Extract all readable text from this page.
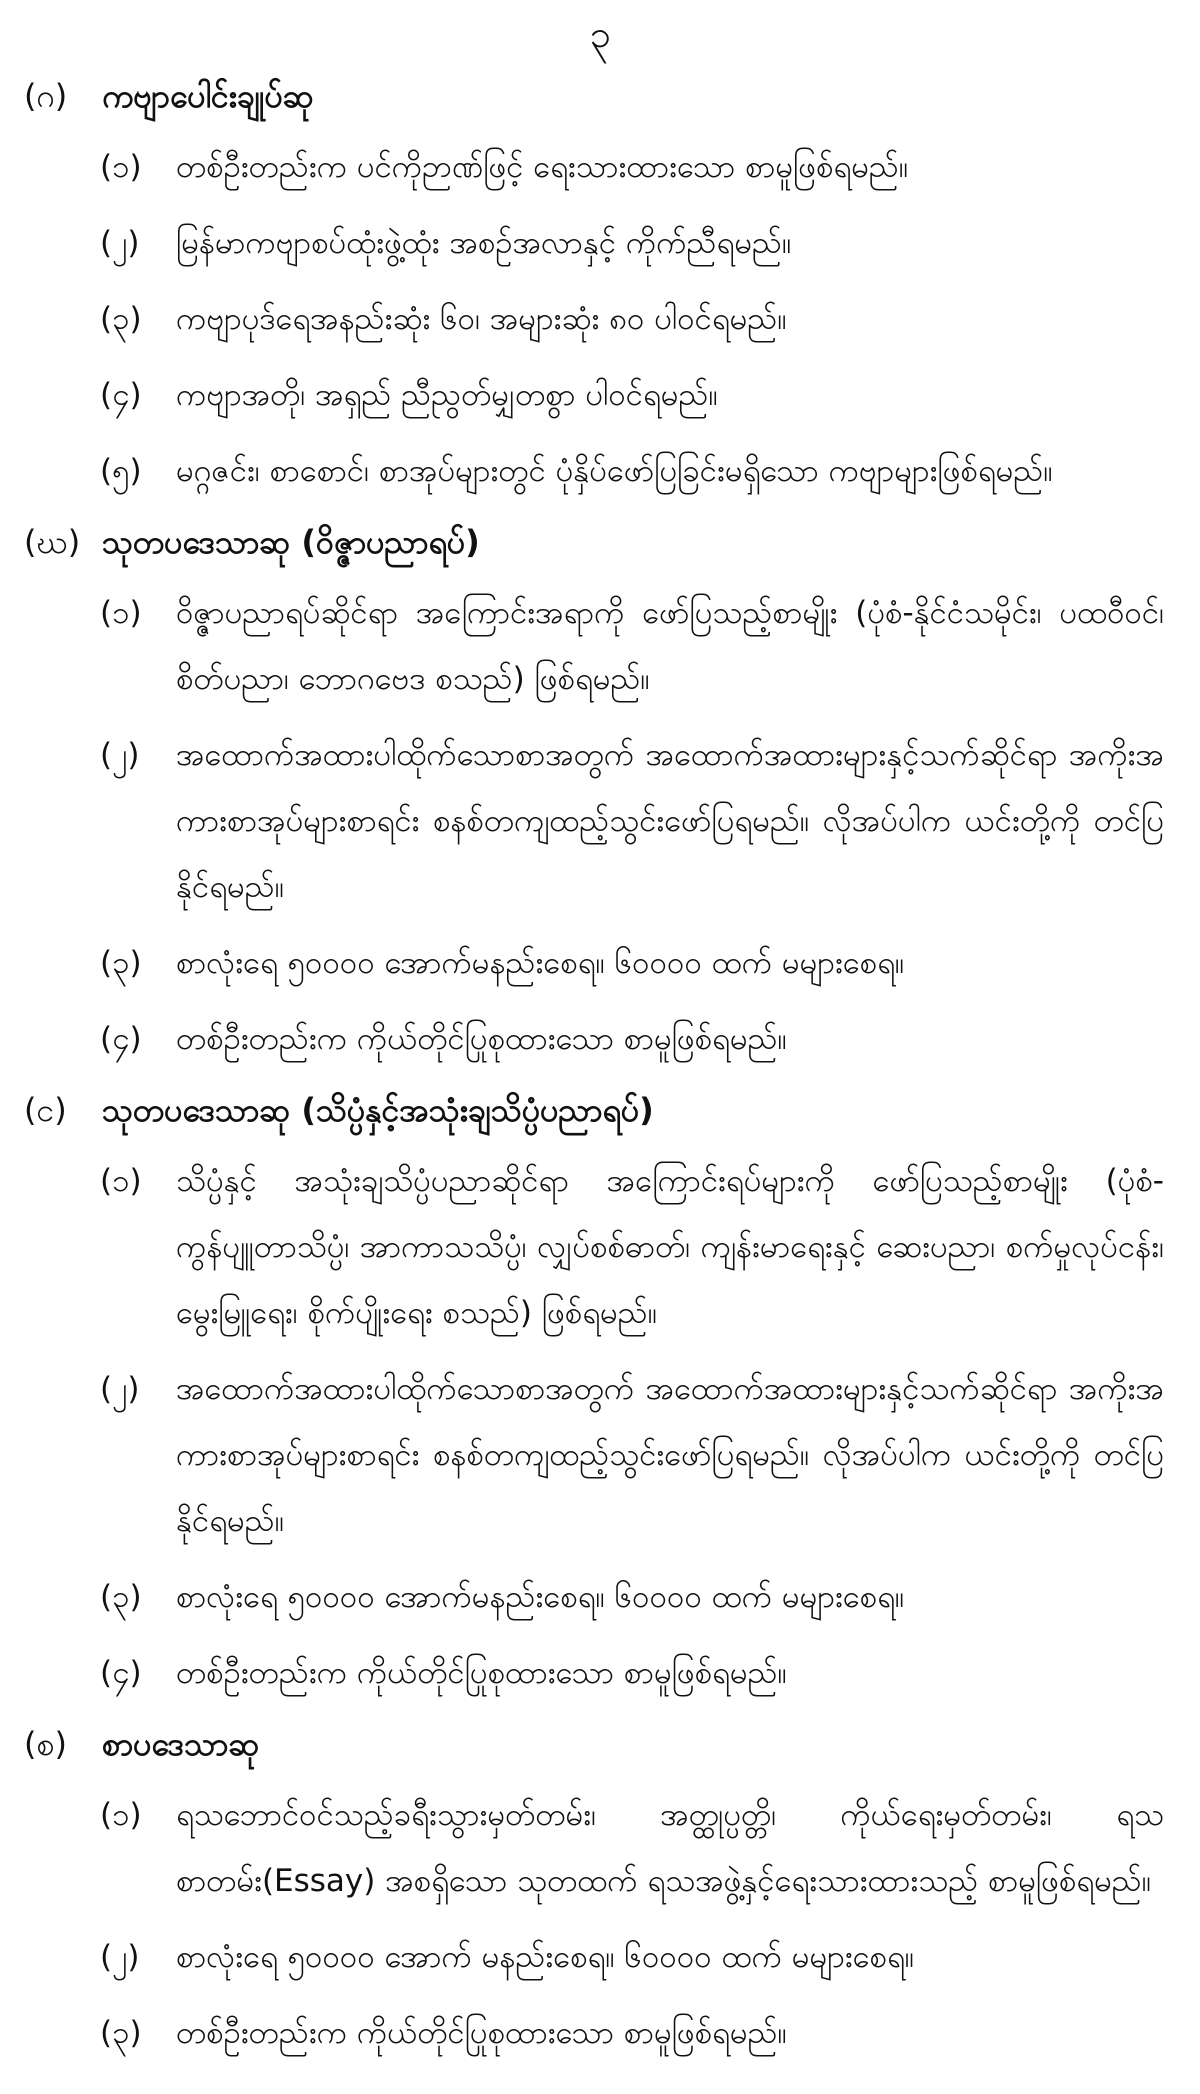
၃
(ဂ)	ကဗျာပေါင်းချုပ်ဆု
(၁)	တစ်ဦးတည်းက ပင်ကိုဉာဏ်ဖြင့် ရေးသားထားသော စာမူဖြစ်ရမည်။
(၂)	မြန်မာကဗျာစပ်ထုံးဖွဲ့ထုံး အစဉ်အလာနှင့် ကိုက်ညီရမည်။
(၃)	ကဗျာပုဒ်ရေအနည်းဆုံး ၆၀၊ အများဆုံး ၈၀ ပါဝင်ရမည်။
(၄)	ကဗျာအတို၊ အရှည် ညီညွတ်မျှတစွာ ပါဝင်ရမည်။
(၅)	မဂ္ဂဇင်း၊ စာစောင်၊ စာအုပ်များတွင် ပုံနှိပ်ဖော်ပြခြင်းမရှိသော ကဗျာများဖြစ်ရမည်။
(ဃ) သုတပဒေသာဆု (ဝိဇ္ဇာပညာရပ်)
(၁)	ဝိဇ္ဇာပညာရပ်ဆိုင်ရာ အကြောင်းအရာကို ဖော်ပြသည့်စာမျိုး (ပုံစံ-နိုင်ငံသမိုင်း၊ ပထဝီဝင်၊ စိတ်ပညာ၊ ဘောဂဗေဒ စသည်) ဖြစ်ရမည်။
(၂)	အထောက်အထားပါထိုက်သောစာအတွက် အထောက်အထားများနှင့်သက်ဆိုင်ရာ အကိုးအကားစာအုပ်များစာရင်း စနစ်တကျထည့်သွင်းဖော်ပြရမည်။ လိုအပ်ပါက ယင်းတို့ကို တင်ပြနိုင်ရမည်။
(၃)	စာလုံးရေ ၅၀၀၀၀ အောက်မနည်းစေရ။ ၆၀၀၀၀ ထက် မများစေရ။
(၄)	တစ်ဦးတည်းက ကိုယ်တိုင်ပြုစုထားသော စာမူဖြစ်ရမည်။
(င)	သုတပဒေသာဆု (သိပ္ပံနှင့်အသုံးချသိပ္ပံပညာရပ်)
(၁)	သိပ္ပံနှင့် အသုံးချသိပ္ပံပညာဆိုင်ရာ အကြောင်းရပ်များကို ဖော်ပြသည့်စာမျိုး (ပုံစံ- ကွန်ပျူတာသိပ္ပံ၊ အာကာသသိပ္ပံ၊ လျှပ်စစ်ဓာတ်၊ ကျန်းမာရေးနှင့် ဆေးပညာ၊ စက်မှုလုပ်ငန်း၊ မွေးမြူရေး၊ စိုက်ပျိုးရေး စသည်) ဖြစ်ရမည်။
(၂)	အထောက်အထားပါထိုက်သောစာအတွက် အထောက်အထားများနှင့်သက်ဆိုင်ရာ အကိုးအကားစာအုပ်များစာရင်း စနစ်တကျထည့်သွင်းဖော်ပြရမည်။ လိုအပ်ပါက ယင်းတို့ကို တင်ပြနိုင်ရမည်။
(၃)	စာလုံးရေ ၅၀၀၀၀ အောက်မနည်းစေရ။ ၆၀၀၀၀ ထက် မများစေရ။
(၄)	တစ်ဦးတည်းက ကိုယ်တိုင်ပြုစုထားသော စာမူဖြစ်ရမည်။
(စ)	စာပဒေသာဆု
(၁)	ရသဘောင်ဝင်သည့်ခရီးသွားမှတ်တမ်း၊ အတ္ထုပ္ပတ္တိ၊ ကိုယ်ရေးမှတ်တမ်း၊ ရသစာတမ်း(Essay) အစရှိသော သုတထက် ရသအဖွဲ့နှင့်ရေးသားထားသည့် စာမူဖြစ်ရမည်။
(၂)	စာလုံးရေ ၅၀၀၀၀ အောက် မနည်းစေရ။ ၆၀၀၀၀ ထက် မများစေရ။
(၃)	တစ်ဦးတည်းက ကိုယ်တိုင်ပြုစုထားသော စာမူဖြစ်ရမည်။
